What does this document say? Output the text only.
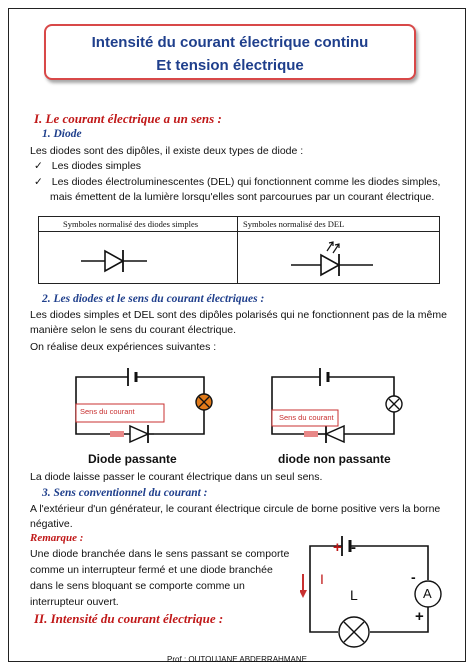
Intensité du courant électrique continu
Et tension électrique
I. Le courant électrique a un sens :
1. Diode
Les diodes sont des dipôles, il existe deux types de diode :
✓ Les diodes simples
✓ Les diodes électroluminescentes (DEL) qui fonctionnent comme les diodes simples,
mais émettent de la lumière lorsqu'elles sont parcourues par un courant électrique.
Symboles normalisé des diodes simples	Symboles normalisé des DEL
2. Les diodes et le sens du courant électriques :
Les diodes simples et DEL sont des dipôles polarisés qui ne fonctionnent pas de la même
manière selon le sens du courant électrique.
On réalise deux expériences suivantes :
Sens du courant
Sens du courant
Diode passante	diode non passante
La diode laisse passer le courant électrique dans un seul sens.
3. Sens conventionnel du courant :
A l'extérieur d'un générateur, le courant électrique circule de borne positive vers la borne
négative.
Remarque :
Une diode branchée dans le sens passant se comporte
comme un interrupteur fermé et une diode branchée
dans le sens bloquant se comporte comme un
interrupteur ouvert.
+ -
I
L	A
-
+
II. Intensité du courant électrique :
Prof : OUTOUJANE ABDERRAHMANE
